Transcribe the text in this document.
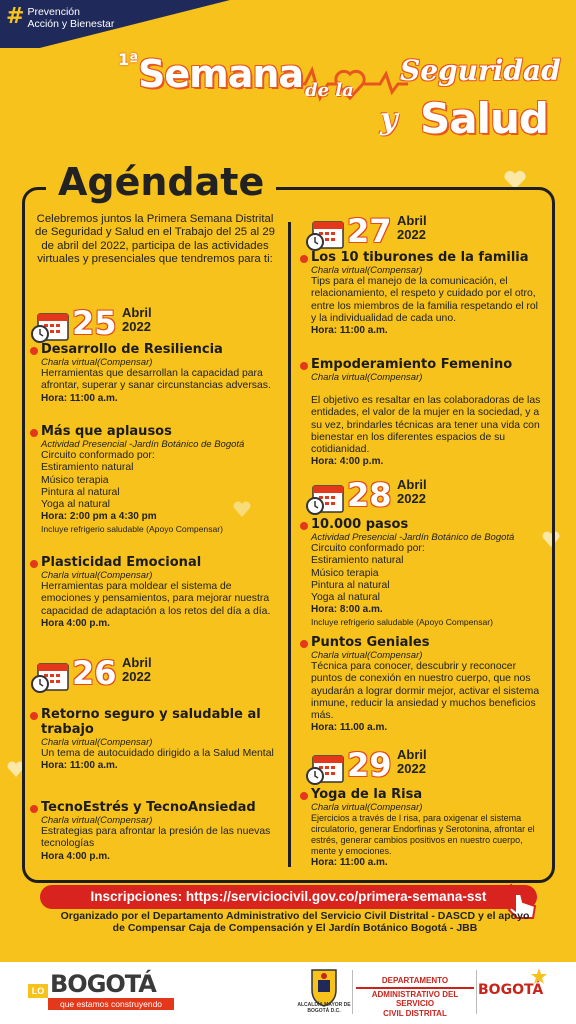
# Prevención
Acción y Bienestar
1ª Semana de la
Seguridad
y Salud
Agéndate
Celebremos juntos la Primera Semana Distrital de Seguridad y Salud en el Trabajo del 25 al 29 de abril del 2022, participa de las actividades virtuales y presenciales que tendremos para ti:
25 Abril
2022
Desarrollo de Resiliencia
Charla virtual(Compensar)
Herramientas que desarrollan la capacidad para afrontar, superar y sanar circunstancias adversas.
Hora: 11:00 a.m.
Más que aplausos
Actividad Presencial -Jardín Botánico de Bogotá
Circuito conformado por:
Estiramiento natural
Músico terapia
Pintura al natural
Yoga al natural
Hora: 2:00 pm a 4:30 pm
Incluye refrigerio saludable (Apoyo Compensar)
Plasticidad Emocional
Charla virtual(Compensar)
Herramientas para moldear el sistema de emociones y pensamientos, para mejorar nuestra capacidad de adaptación a los retos del día a día.
Hora 4:00 p.m.
26 Abril
2022
Retorno seguro y saludable al trabajo
Charla virtual(Compensar)
Un tema de autocuidado dirigido a la Salud Mental
Hora: 11:00 a.m.
TecnoEstrés y TecnoAnsiedad
Charla virtual(Compensar)
Estrategias para afrontar la presión de las nuevas tecnologías
Hora 4:00 p.m.
27 Abril
2022
Los 10 tiburones de la familia
Charla virtual(Compensar)
Tips para el manejo de la comunicación, el relacionamiento, el respeto y cuidado por el otro, entre los miembros de la familia respetando el rol y la individualidad de cada uno.
Hora: 11:00 a.m.
Empoderamiento Femenino
Charla virtual(Compensar)
El objetivo es resaltar en las colaboradoras de las entidades, el valor de la mujer en la sociedad, y a su vez, brindarles técnicas ara tener una vida con bienestar en los diferentes espacios de su cotidianidad.
Hora: 4:00 p.m.
28 Abril
2022
10.000 pasos
Actividad Presencial -Jardín Botánico de Bogotá
Circuito conformado por:
Estiramiento natural
Músico terapia
Pintura al natural
Yoga al natural
Hora: 8:00 a.m.
Incluye refrigerio saludable (Apoyo Compensar)
Puntos Geniales
Charla virtual(Compensar)
Técnica para conocer, descubrir y reconocer puntos de conexión en nuestro cuerpo, que nos ayudarán a lograr dormir mejor, activar el sistema inmune, reducir la ansiedad y muchos beneficios más.
Hora: 11.00 a.m.
29 Abril
2022
Yoga de la Risa
Charla virtual(Compensar)
Ejercicios a través de l risa, para oxigenar el sistema circulatorio, generar Endorfinas y Serotonina, afrontar el estrés, generar cambios positivos en nuestro cuerpo, mente y emociones.
Hora: 11:00 a.m.
Inscripciones: https://serviciocivil.gov.co/primera-semana-sst
Organizado por el Departamento Administrativo del Servicio Civil Distrital - DASCD y el apoyo de Compensar Caja de Compensación y El Jardín Botánico Bogotá - JBB
LO BOGOTÁ
que estamos construyendo	ALCALDÍA MAYOR DE BOGOTÁ D.C.
DEPARTAMENTO
ADMINISTRATIVO DEL SERVICIO
CIVIL DISTRITAL
BOGOTÁ
